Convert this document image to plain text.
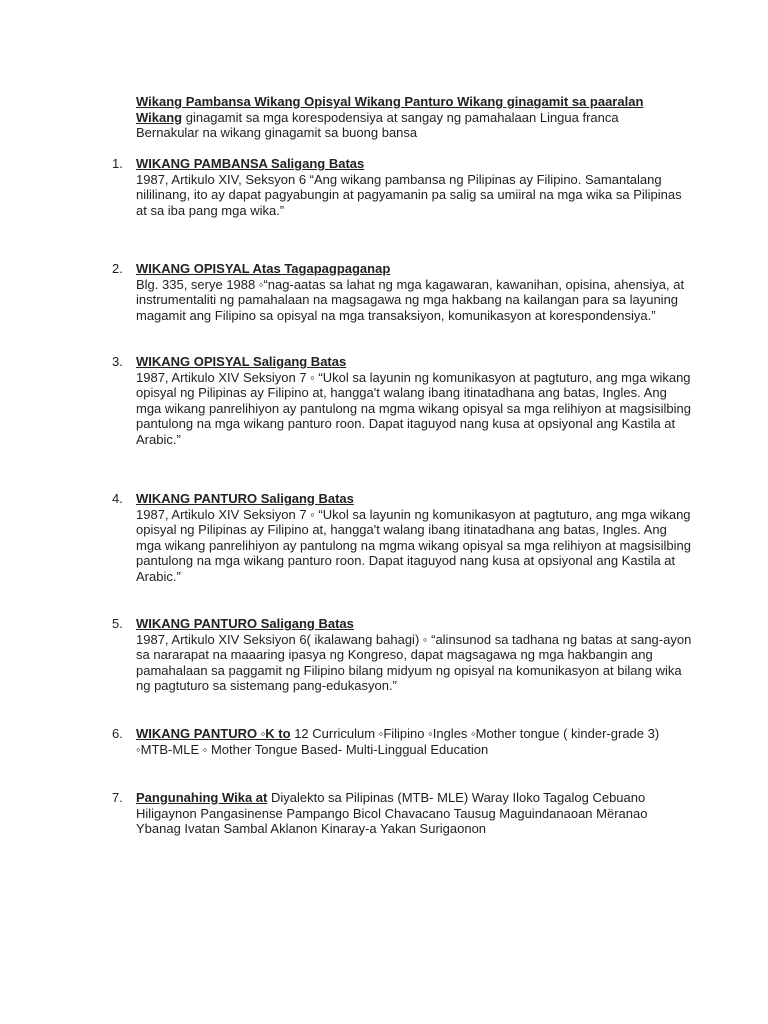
Wikang Pambansa Wikang Opisyal Wikang Panturo Wikang ginagamit sa paaralan
Wikang ginagamit sa mga korespodensiya at sangay ng pamahalaan Lingua franca
Bernakular na wikang ginagamit sa buong bansa
1.	WIKANG PAMBANSA Saligang Batas
1987, Artikulo XIV, Seksyon 6 “Ang wikang pambansa ng Pilipinas ay Filipino. Samantalang nililinang, ito ay dapat pagyabungin at pagyamanin pa salig sa umiiral na mga wika sa Pilipinas at sa iba pang mga wika.”
2.	WIKANG OPISYAL Atas Tagapagpaganap
Blg. 335, serye 1988 ◦“nag-aatas sa lahat ng mga kagawaran, kawanihan, opisina, ahensiya, at instrumentaliti ng pamahalaan na magsagawa ng mga hakbang na kailangan para sa layuning magamit ang Filipino sa opisyal na mga transaksiyon, komunikasyon at korespondensiya.”
3.	WIKANG OPISYAL Saligang Batas
1987, Artikulo XIV Seksiyon 7 ◦ “Ukol sa layunin ng komunikasyon at pagtuturo, ang mga wikang opisyal ng Pilipinas ay Filipino at, hangga't walang ibang itinatadhana ang batas, Ingles. Ang mga wikang panrelihiyon ay pantulong na mgma wikang opisyal sa mga relihiyon at magsisilbing pantulong na mga wikang panturo roon. Dapat itaguyod nang kusa at opsiyonal ang Kastila at Arabic.”
4.	WIKANG PANTURO Saligang Batas
1987, Artikulo XIV Seksiyon 7 ◦ “Ukol sa layunin ng komunikasyon at pagtuturo, ang mga wikang opisyal ng Pilipinas ay Filipino at, hangga't walang ibang itinatadhana ang batas, Ingles. Ang mga wikang panrelihiyon ay pantulong na mgma wikang opisyal sa mga relihiyon at magsisilbing pantulong na mga wikang panturo roon. Dapat itaguyod nang kusa at opsiyonal ang Kastila at Arabic.”
5.	WIKANG PANTURO Saligang Batas
1987, Artikulo XIV Seksiyon 6( ikalawang bahagi) ◦ “alinsunod sa tadhana ng batas at sang-ayon sa nararapat na maaaring ipasya ng Kongreso, dapat magsagawa ng mga hakbangin ang pamahalaan sa paggamit ng Filipino bilang midyum ng opisyal na komunikasyon at bilang wika ng pagtuturo sa sistemang pang-edukasyon.”
6.	WIKANG PANTURO ◦K to 12 Curriculum ◦Filipino ◦Ingles ◦Mother tongue ( kinder-grade 3) ◦MTB-MLE ◦ Mother Tongue Based- Multi-Linggual Education
7.	Pangunahing Wika at Diyalekto sa Pilipinas (MTB- MLE) Waray Iloko Tagalog Cebuano Hiligaynon Pangasinense Pampango Bicol Chavacano Tausug Maguindanaoan Mëranao Ybanag Ivatan Sambal Aklanon Kinaray-a Yakan Surigaonon
